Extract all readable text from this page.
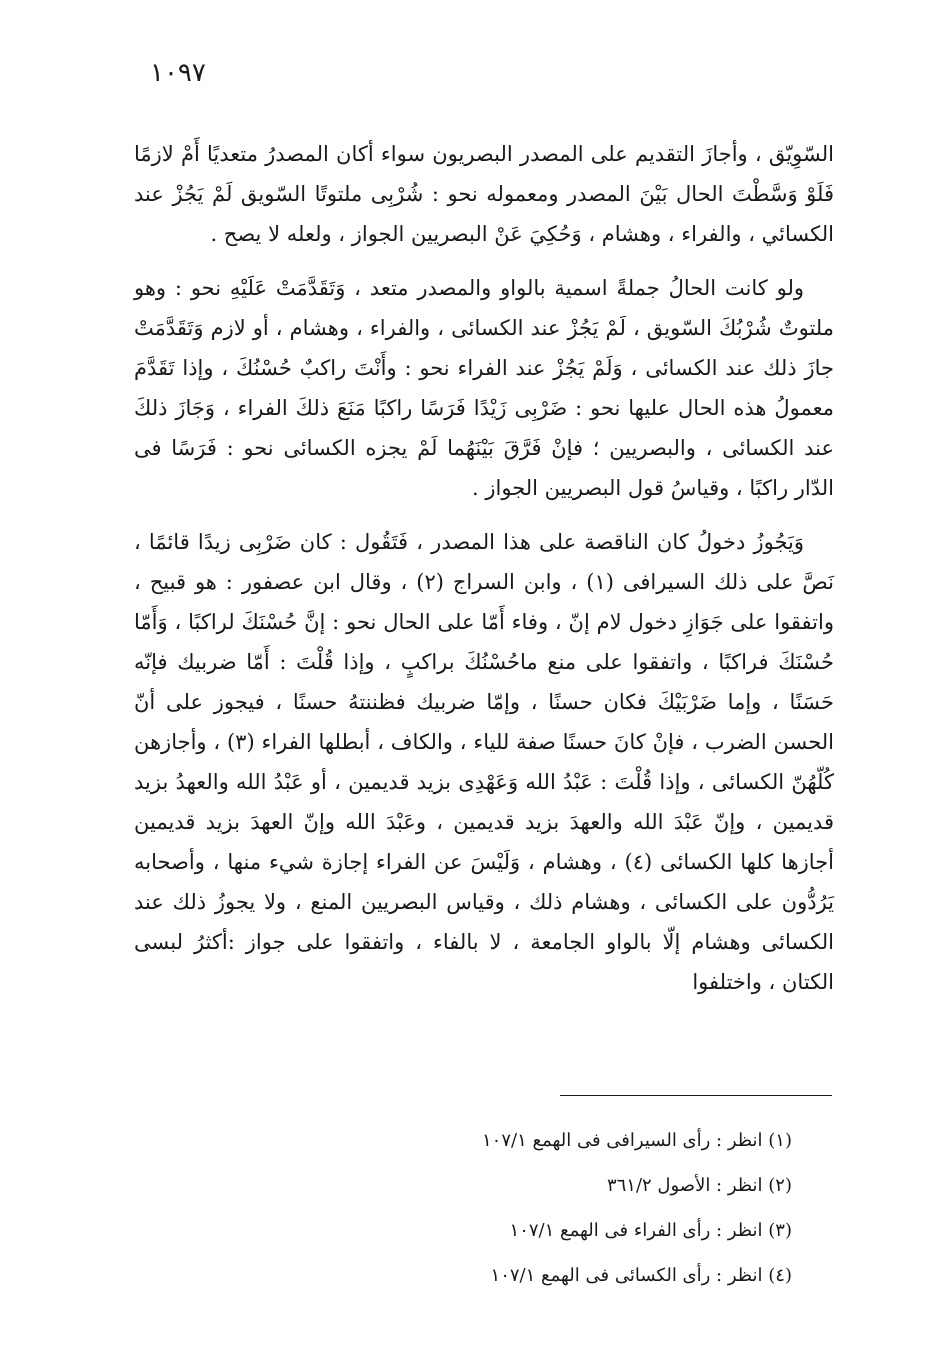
١٠٩٧

السّوِيّق ، وأجازَ التقديم على المصدر البصريون سواء أكان المصدرُ متعديًا أَمْ لازمًا فَلَوْ وَسَّطْتَ الحال بَيْنَ المصدر ومعموله نحو : شُرْبِى ملتوتًا السّويق لَمْ يَجُزْ عند الكسائي ، والفراء ، وهشام ، وَحُكِيَ عَنْ البصريين الجواز ، ولعله لا يصح .

ولو كانت الحالُ جملةً اسمية بالواو والمصدر متعد ، وَتَقَدَّمَتْ عَلَيْهِ نحو : وهو ملتوتٌ شُرْبُكَ السّويق ، لَمْ يَجُزْ عند الكسائى ، والفراء ، وهشام ، أو لازم وَتَقَدَّمَتْ جازَ ذلك عند الكسائى ، وَلَمْ يَجُزْ عند الفراء نحو : وأَنْتَ راكبٌ حُسْنُكَ ، وإذا تَقَدَّمَ معمولُ هذه الحال عليها نحو : ضَرْبِى زَيْدًا فَرَسًا راكبًا مَنَعَ ذلكَ الفراء ، وَجَازَ ذلكَ عند الكسائى ، والبصريين ؛ فإنْ فَرَّقَ بَيْنَهُما لَمْ يجزه الكسائى نحو : فَرَسًا فى الدّار راكبًا ، وقياسُ قول البصريين الجواز .

وَيَجُوزُ دخولُ كان الناقصة على هذا المصدر ، فَتَقُول : كان ضَرْبِى زيدًا قائمًا ، نَصَّ على ذلك السيرافى (١) ، وابن السراج (٢) ، وقال ابن عصفور : هو قبيح ، واتفقوا على جَوَازِ دخول لام إنّ ، وفاء أَمّا على الحال نحو : إنَّ حُسْنَكَ لراكبًا ، وَأَمّا حُسْنَكَ فراكبًا ، واتفقوا على منع ماحُسْنُكَ براكبٍ ، وإذا قُلْتَ : أَمّا ضربيك فإنّه حَسَنًا ، وإما ضَرْبَيْكَ فكان حسنًا ، وإمّا ضربيك فظننتهُ حسنًا ، فيجوز على أنّ الحسن الضرب ، فإنْ كانَ حسنًا صفة للياء ، والكاف ، أبطلها الفراء (٣) ، وأجازهن كُلّهُنّ الكسائى ، وإذا قُلْتَ : عَبْدُ الله وَعَهْدِى بزيد قديمين ، أو عَبْدُ الله والعهدُ بزيد قديمين ، وإنّ عَبْدَ الله والعهدَ بزيد قديمين ، وعَبْدَ الله وإنّ العهدَ بزيد قديمين أجازها كلها الكسائى (٤) ، وهشام ، وَلَيْسَ عن الفراء إجازة شيء منها ، وأصحابه يَرُدُّون على الكسائى ، وهشام ذلك ، وقياس البصريين المنع ، ولا يجوزُ ذلك عند الكسائى وهشام إلّا بالواو الجامعة ، لا بالفاء ، واتفقوا على جواز :أكثرُ لبسى الكتان ، واختلفوا

(١) انظر : رأى السيرافى فى الهمع ١٠٧/١

(٢) انظر : الأصول ٣٦١/٢

(٣) انظر : رأى الفراء فى الهمع ١٠٧/١

(٤) انظر : رأى الكسائى فى الهمع ١٠٧/١
